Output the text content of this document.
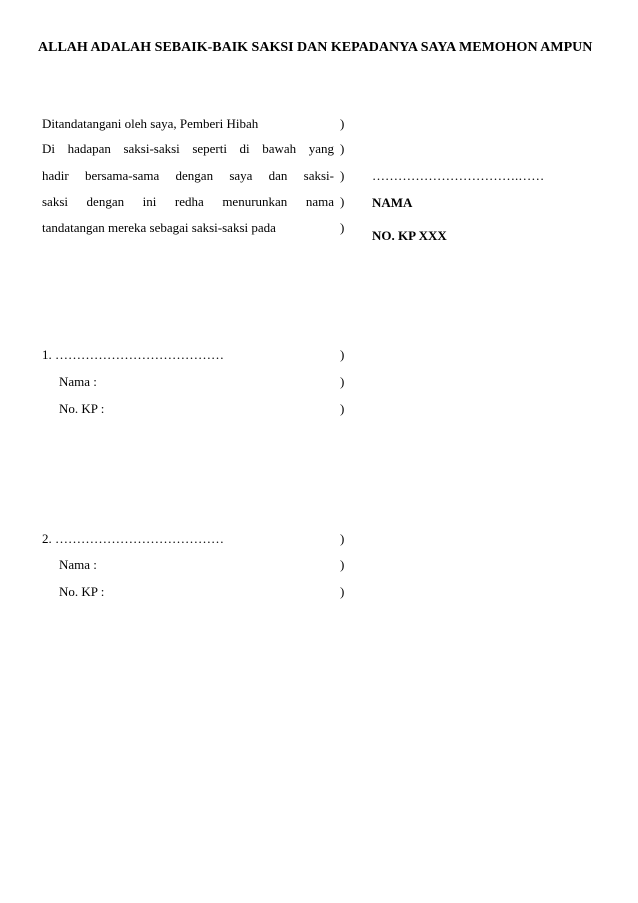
ALLAH ADALAH SEBAIK-BAIK SAKSI DAN KEPADANYA SAYA MEMOHON AMPUN
Ditandatangani oleh saya, Pemberi Hibah
Di hadapan saksi-saksi seperti di bawah yang
hadir bersama-sama dengan saya dan saksi-
saksi dengan ini redha menurunkan nama
tandatangan mereka sebagai saksi-saksi pada
)
)
)
)
)
…………………………….……
NAMA
NO. KP XXX
1. …………………………………
Nama :
No. KP :
)
)
)
2. …………………………………
Nama :
No. KP :
)
)
)
